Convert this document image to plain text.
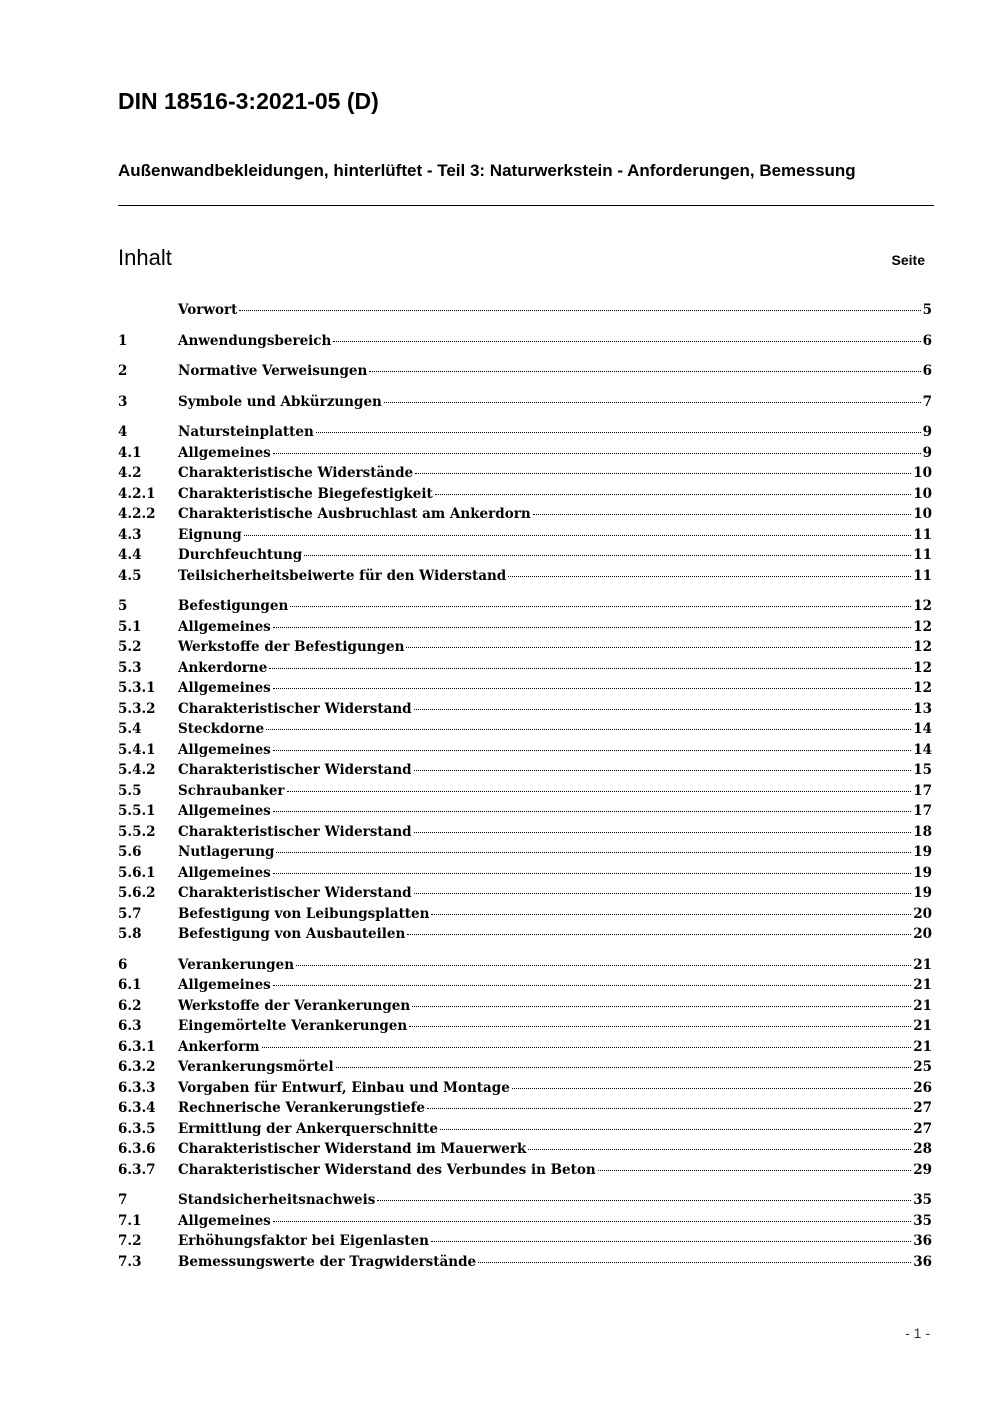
DIN 18516-3:2021-05 (D)
Außenwandbekleidungen, hinterlüftet - Teil 3: Naturwerkstein - Anforderungen, Bemessung
Inhalt	Seite
Vorwort	5
1	Anwendungsbereich	6
2	Normative Verweisungen	6
3	Symbole und Abkürzungen	7
4	Natursteinplatten	9
4.1	Allgemeines	9
4.2	Charakteristische Widerstände	10
4.2.1	Charakteristische Biegefestigkeit	10
4.2.2	Charakteristische Ausbruchlast am Ankerdorn	10
4.3	Eignung	11
4.4	Durchfeuchtung	11
4.5	Teilsicherheitsbeiwerte für den Widerstand	11
5	Befestigungen	12
5.1	Allgemeines	12
5.2	Werkstoffe der Befestigungen	12
5.3	Ankerdorne	12
5.3.1	Allgemeines	12
5.3.2	Charakteristischer Widerstand	13
5.4	Steckdorne	14
5.4.1	Allgemeines	14
5.4.2	Charakteristischer Widerstand	15
5.5	Schraubanker	17
5.5.1	Allgemeines	17
5.5.2	Charakteristischer Widerstand	18
5.6	Nutlagerung	19
5.6.1	Allgemeines	19
5.6.2	Charakteristischer Widerstand	19
5.7	Befestigung von Leibungsplatten	20
5.8	Befestigung von Ausbauteilen	20
6	Verankerungen	21
6.1	Allgemeines	21
6.2	Werkstoffe der Verankerungen	21
6.3	Eingemörtelte Verankerungen	21
6.3.1	Ankerform	21
6.3.2	Verankerungsmörtel	25
6.3.3	Vorgaben für Entwurf, Einbau und Montage	26
6.3.4	Rechnerische Verankerungstiefe	27
6.3.5	Ermittlung der Ankerquerschnitte	27
6.3.6	Charakteristischer Widerstand im Mauerwerk	28
6.3.7	Charakteristischer Widerstand des Verbundes in Beton	29
7	Standsicherheitsnachweis	35
7.1	Allgemeines	35
7.2	Erhöhungsfaktor bei Eigenlasten	36
7.3	Bemessungswerte der Tragwiderstände	36
- 1 -
